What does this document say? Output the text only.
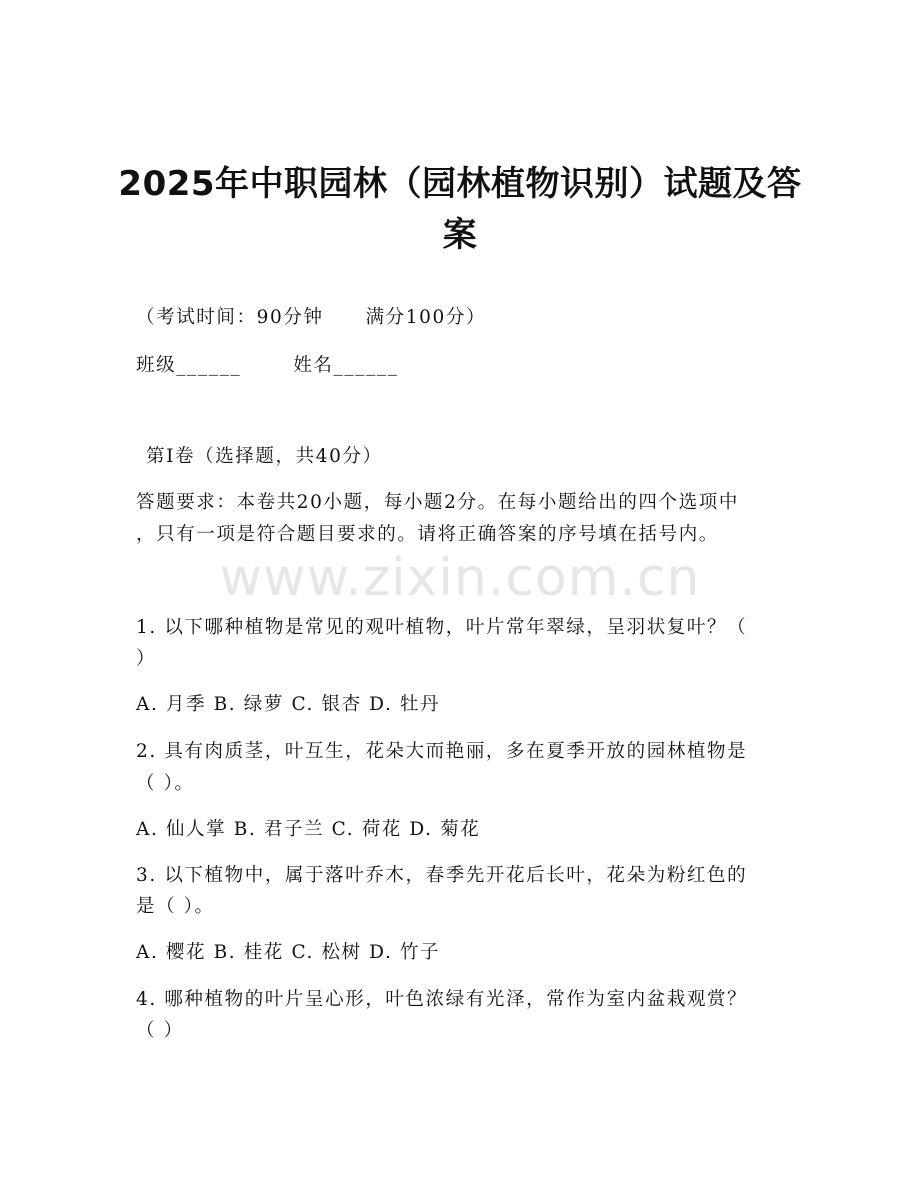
2025年中职园林（园林植物识别）试题及答
案
（考试时间：90分钟 满分100分）
班级______	姓名______
第I卷（选择题，共40分）
答题要求：本卷共20小题，每小题2分。在每小题给出的四个选项中
，只有一项是符合题目要求的。请将正确答案的序号填在括号内。
www.zixin.com.cn
1. 以下哪种植物是常见的观叶植物，叶片常年翠绿，呈羽状复叶？（
）
A. 月季 B. 绿萝 C. 银杏 D. 牡丹
2. 具有肉质茎，叶互生，花朵大而艳丽，多在夏季开放的园林植物是
（ ）。
A. 仙人掌 B. 君子兰 C. 荷花 D. 菊花
3. 以下植物中，属于落叶乔木，春季先开花后长叶，花朵为粉红色的
是（ ）。
A. 樱花 B. 桂花 C. 松树 D. 竹子
4. 哪种植物的叶片呈心形，叶色浓绿有光泽，常作为室内盆栽观赏？
（ ）
